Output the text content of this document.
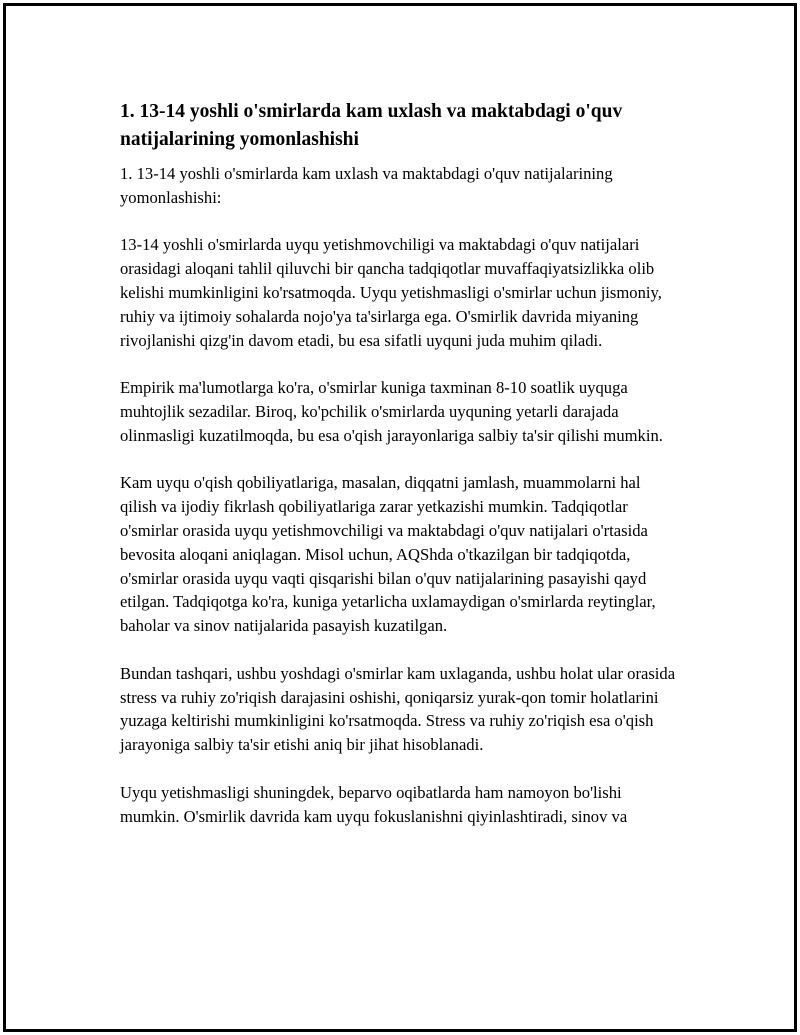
1. 13-14 yoshli o'smirlarda kam uxlash va maktabdagi o'quv natijalarining yomonlashishi

1. 13-14 yoshli o'smirlarda kam uxlash va maktabdagi o'quv natijalarining yomonlashishi:

13-14 yoshli o'smirlarda uyqu yetishmovchiligi va maktabdagi o'quv natijalari orasidagi aloqani tahlil qiluvchi bir qancha tadqiqotlar muvaffaqiyatsizlikka olib kelishi mumkinligini ko'rsatmoqda. Uyqu yetishmasligi o'smirlar uchun jismoniy, ruhiy va ijtimoiy sohalarda nojo'ya ta'sirlarga ega. O'smirlik davrida miyaning rivojlanishi qizg'in davom etadi, bu esa sifatli uyquni juda muhim qiladi.

Empirik ma'lumotlarga ko'ra, o'smirlar kuniga taxminan 8-10 soatlik uyquga muhtojlik sezadilar. Biroq, ko'pchilik o'smirlarda uyquning yetarli darajada olinmasligi kuzatilmoqda, bu esa o'qish jarayonlariga salbiy ta'sir qilishi mumkin.

Kam uyqu o'qish qobiliyatlariga, masalan, diqqatni jamlash, muammolarni hal qilish va ijodiy fikrlash qobiliyatlariga zarar yetkazishi mumkin. Tadqiqotlar o'smirlar orasida uyqu yetishmovchiligi va maktabdagi o'quv natijalari o'rtasida bevosita aloqani aniqlagan. Misol uchun, AQShda o'tkazilgan bir tadqiqotda, o'smirlar orasida uyqu vaqti qisqarishi bilan o'quv natijalarining pasayishi qayd etilgan. Tadqiqotga ko'ra, kuniga yetarlicha uxlamaydigan o'smirlarda reytinglar, baholar va sinov natijalarida pasayish kuzatilgan.

Bundan tashqari, ushbu yoshdagi o'smirlar kam uxlaganda, ushbu holat ular orasida stress va ruhiy zo'riqish darajasini oshishi, qoniqarsiz yurak-qon tomir holatlarini yuzaga keltirishi mumkinligini ko'rsatmoqda. Stress va ruhiy zo'riqish esa o'qish jarayoniga salbiy ta'sir etishi aniq bir jihat hisoblanadi.

Uyqu yetishmasligi shuningdek, beparvo oqibatlarda ham namoyon bo'lishi mumkin. O'smirlik davrida kam uyqu fokuslanishni qiyinlashtiradi, sinov va
